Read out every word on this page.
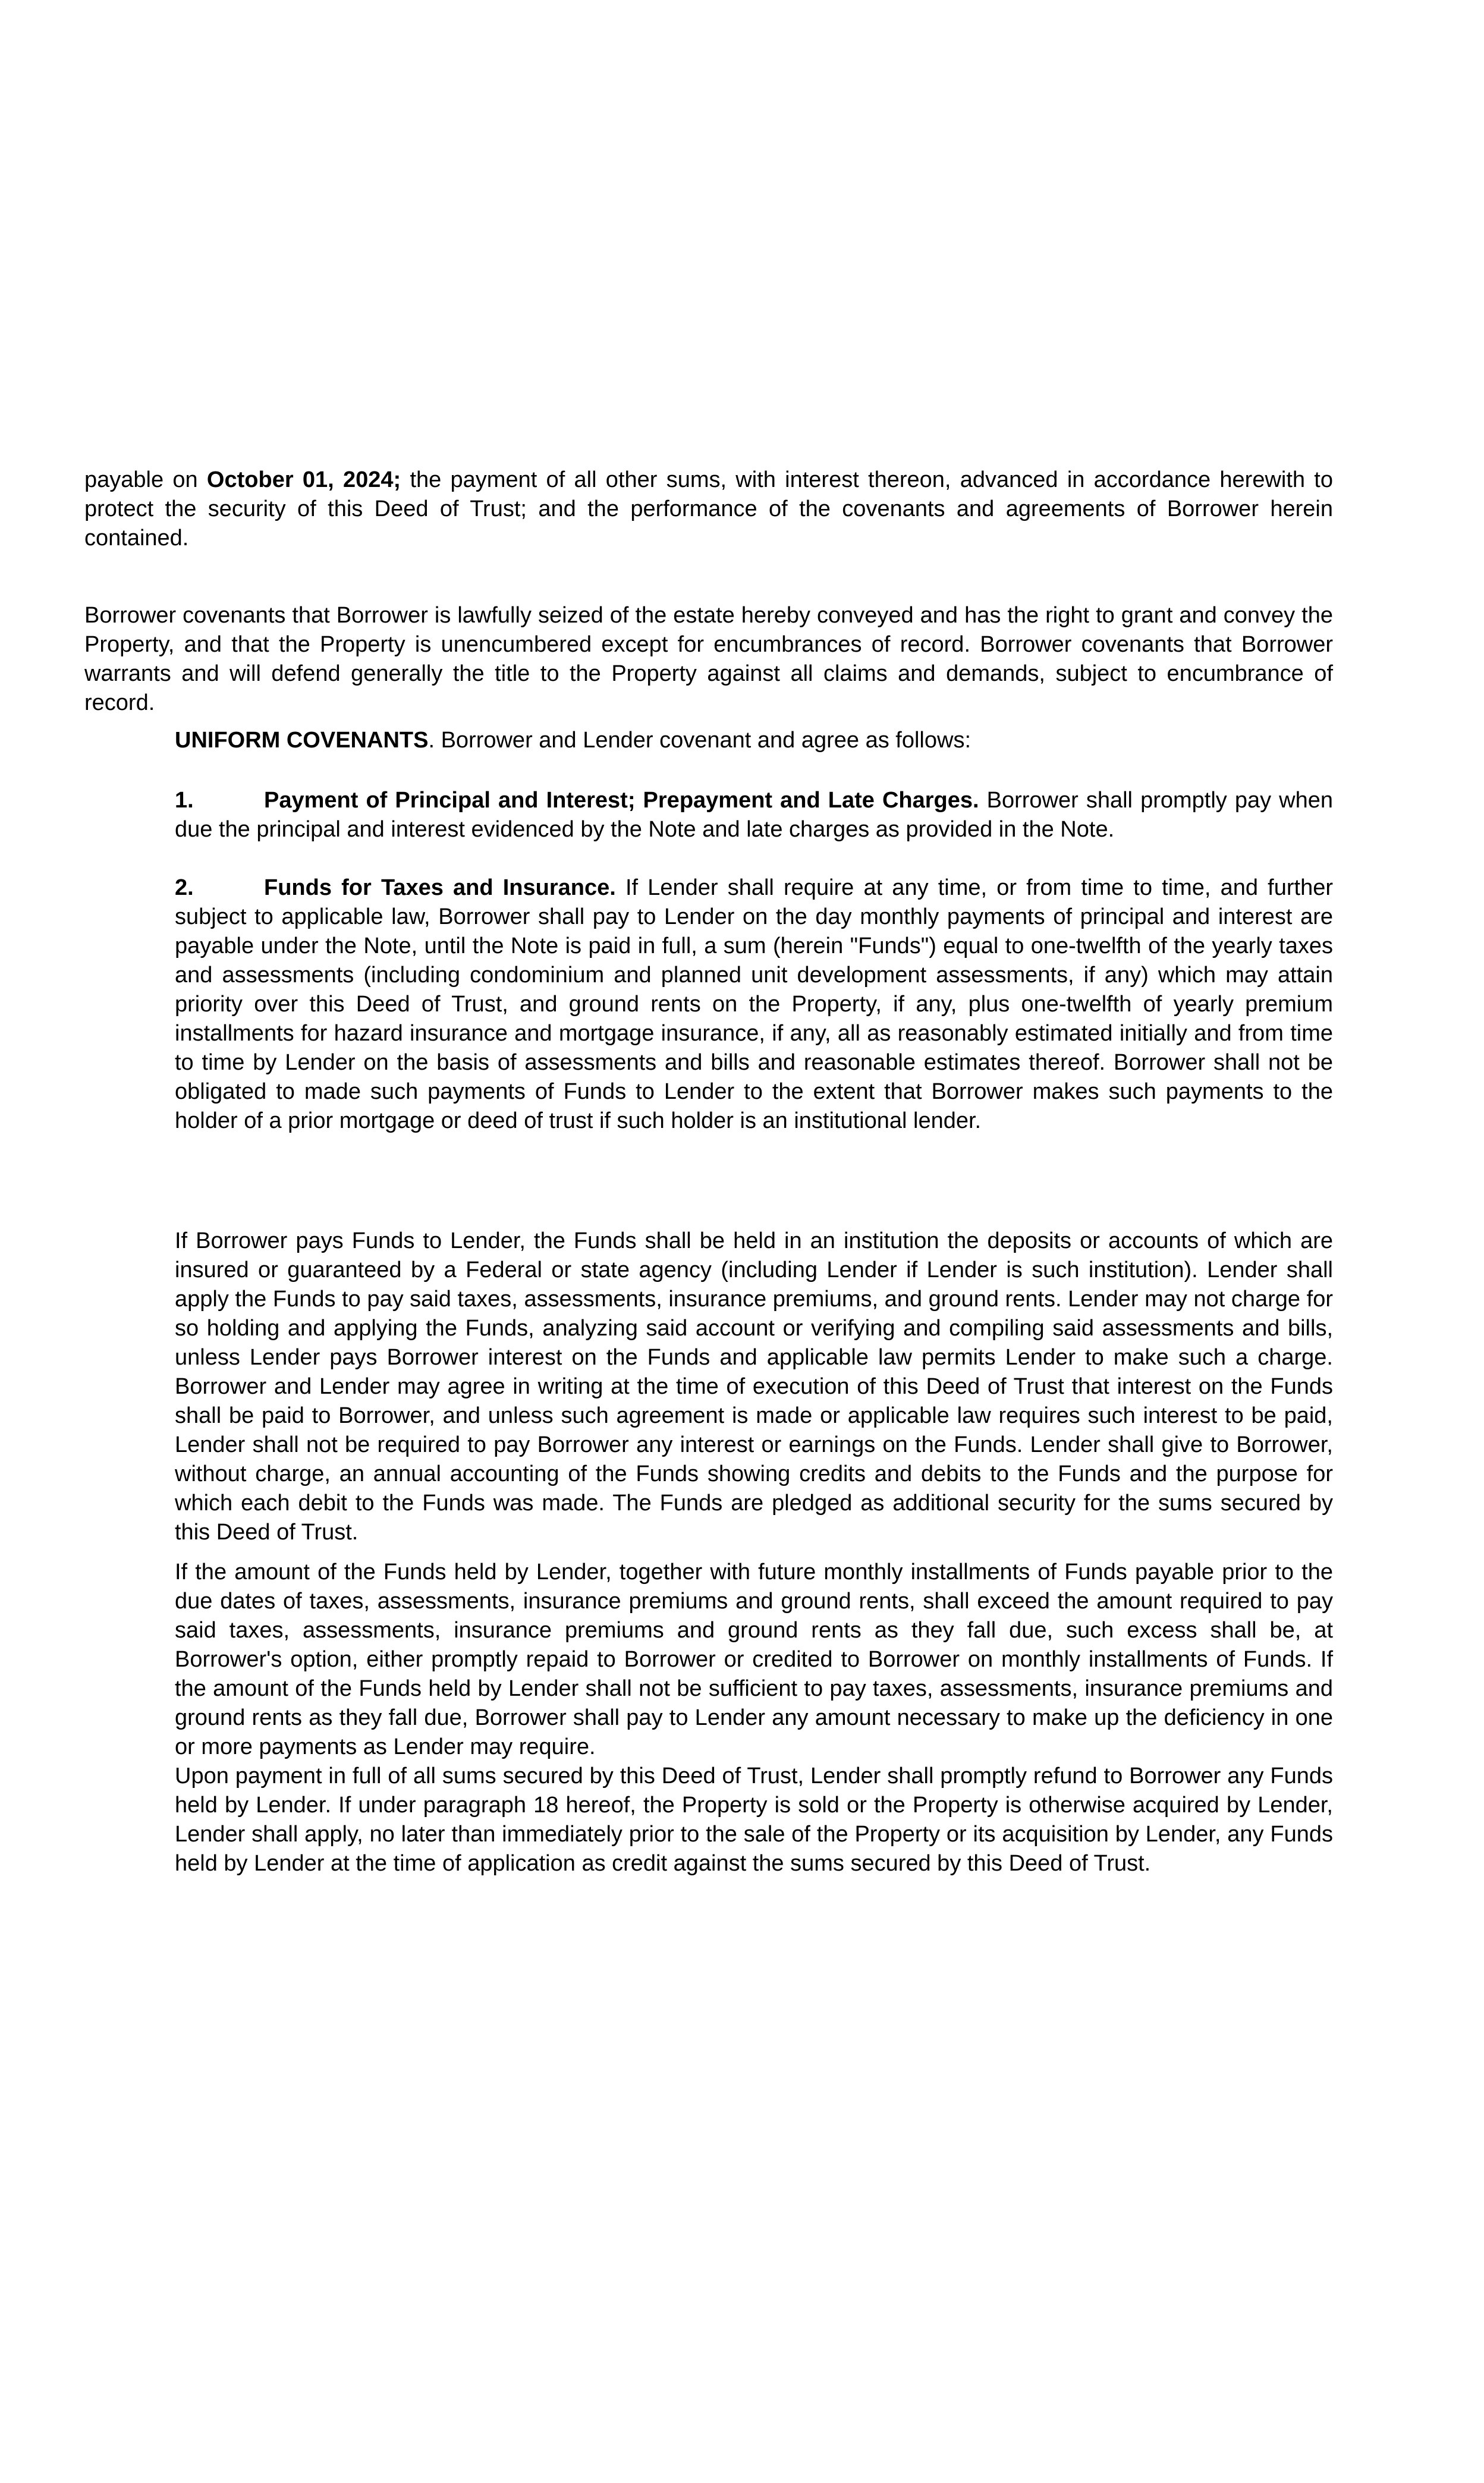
payable on October 01, 2024; the payment of all other sums, with interest thereon, advanced in accordance herewith to protect the security of this Deed of Trust; and the performance of the covenants and agreements of Borrower herein contained.
Borrower covenants that Borrower is lawfully seized of the estate hereby conveyed and has the right to grant and convey the Property, and that the Property is unencumbered except for encumbrances of record. Borrower covenants that Borrower warrants and will defend generally the title to the Property against all claims and demands, subject to encumbrance of record.
UNIFORM COVENANTS. Borrower and Lender covenant and agree as follows:
1.	Payment of Principal and Interest; Prepayment and Late Charges. Borrower shall promptly pay when due the principal and interest evidenced by the Note and late charges as provided in the Note.
2.	Funds for Taxes and Insurance. If Lender shall require at any time, or from time to time, and further subject to applicable law, Borrower shall pay to Lender on the day monthly payments of principal and interest are payable under the Note, until the Note is paid in full, a sum (herein "Funds") equal to one-twelfth of the yearly taxes and assessments (including condominium and planned unit development assessments, if any) which may attain priority over this Deed of Trust, and ground rents on the Property, if any, plus one-twelfth of yearly premium installments for hazard insurance and mortgage insurance, if any, all as reasonably estimated initially and from time to time by Lender on the basis of assessments and bills and reasonable estimates thereof. Borrower shall not be obligated to made such payments of Funds to Lender to the extent that Borrower makes such payments to the holder of a prior mortgage or deed of trust if such holder is an institutional lender.
If Borrower pays Funds to Lender, the Funds shall be held in an institution the deposits or accounts of which are insured or guaranteed by a Federal or state agency (including Lender if Lender is such institution). Lender shall apply the Funds to pay said taxes, assessments, insurance premiums, and ground rents. Lender may not charge for so holding and applying the Funds, analyzing said account or verifying and compiling said assessments and bills, unless Lender pays Borrower interest on the Funds and applicable law permits Lender to make such a charge. Borrower and Lender may agree in writing at the time of execution of this Deed of Trust that interest on the Funds shall be paid to Borrower, and unless such agreement is made or applicable law requires such interest to be paid, Lender shall not be required to pay Borrower any interest or earnings on the Funds. Lender shall give to Borrower, without charge, an annual accounting of the Funds showing credits and debits to the Funds and the purpose for which each debit to the Funds was made. The Funds are pledged as additional security for the sums secured by this Deed of Trust.
If the amount of the Funds held by Lender, together with future monthly installments of Funds payable prior to the due dates of taxes, assessments, insurance premiums and ground rents, shall exceed the amount required to pay said taxes, assessments, insurance premiums and ground rents as they fall due, such excess shall be, at Borrower's option, either promptly repaid to Borrower or credited to Borrower on monthly installments of Funds. If the amount of the Funds held by Lender shall not be sufficient to pay taxes, assessments, insurance premiums and ground rents as they fall due, Borrower shall pay to Lender any amount necessary to make up the deficiency in one or more payments as Lender may require.
Upon payment in full of all sums secured by this Deed of Trust, Lender shall promptly refund to Borrower any Funds held by Lender. If under paragraph 18 hereof, the Property is sold or the Property is otherwise acquired by Lender, Lender shall apply, no later than immediately prior to the sale of the Property or its acquisition by Lender, any Funds held by Lender at the time of application as credit against the sums secured by this Deed of Trust.
